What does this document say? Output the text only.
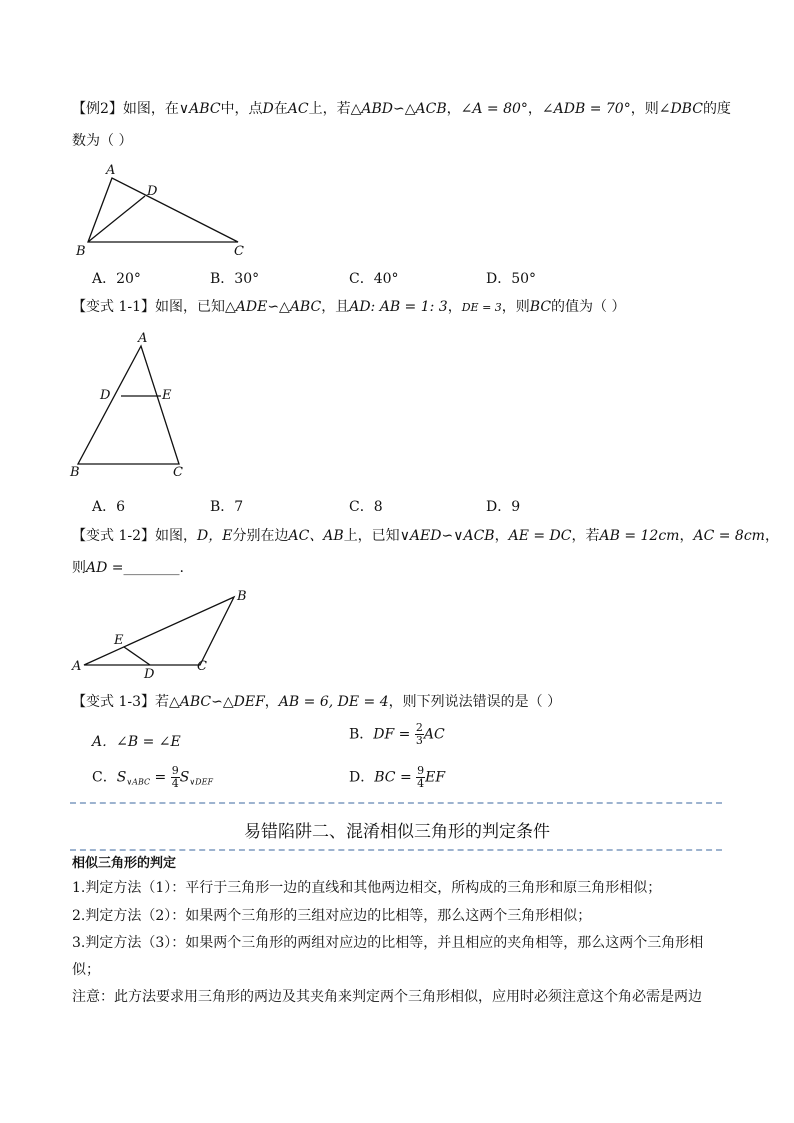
【例2】如图，在∨ABC中，点D在AC上，若△ABD∽△ACB，∠A = 80°，∠ADB = 70°，则∠DBC的度
数为（ ）
A
D
B	C
A．20°	B．30°	C．40°	D．50°
【变式 1-1】如图，已知△ADE∽△ABC，且AD: AB = 1: 3，DE = 3，则BC的值为（ ）
A
D	E
B	C
A．6	B．7	C．8	D．9
【变式 1-2】如图，D，E分别在边AC、AB上，已知∨AED∽∨ACB，AE = DC，若AB = 12cm，AC = 8cm，
则AD =________.
B
E
A
D
C
【变式 1-3】若△ABC∽△DEF，AB = 6, DE = 4，则下列说法错误的是（ ）
A．∠B = ∠E	B．DF = $\frac{2}{3}$ AC
C．$S_{\vee ABC} = \frac{9}{4} S_{\vee DEF}$	D．BC = $\frac{9}{4}$ EF
易错陷阱二、混淆相似三角形的判定条件
相似三角形的判定
1.判定方法（1）：平行于三角形一边的直线和其他两边相交，所构成的三角形和原三角形相似；
2.判定方法（2）：如果两个三角形的三组对应边的比相等，那么这两个三角形相似；
3.判定方法（3）：如果两个三角形的两组对应边的比相等，并且相应的夹角相等，那么这两个三角形相
似；
注意：此方法要求用三角形的两边及其夹角来判定两个三角形相似，应用时必须注意这个角必需是两边
